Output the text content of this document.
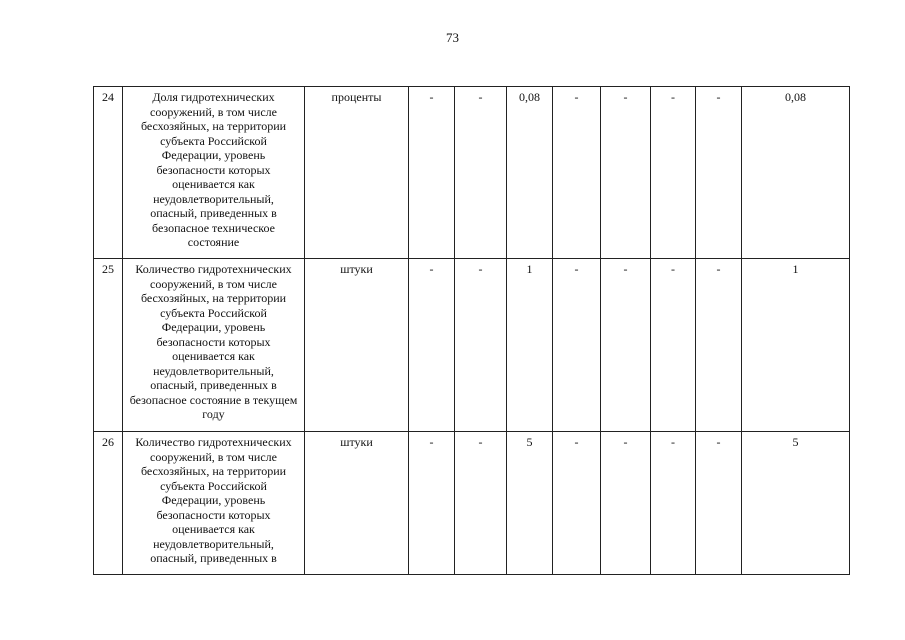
73
24	Доля гидротехнических сооружений, в том числе бесхозяйных, на территории субъекта Российской Федерации, уровень безопасности которых оценивается как неудовлетворительный, опасный, приведенных в безопасное техническое состояние	проценты	-	-	0,08	-	-	-	-	0,08
25	Количество гидротехнических сооружений, в том числе бесхозяйных, на территории субъекта Российской Федерации, уровень безопасности которых оценивается как неудовлетворительный, опасный, приведенных в безопасное состояние в текущем году	штуки	-	-	1	-	-	-	-	1
26	Количество гидротехнических сооружений, в том числе бесхозяйных, на территории субъекта Российской Федерации, уровень безопасности которых оценивается как неудовлетворительный, опасный, приведенных в	штуки	-	-	5	-	-	-	-	5
